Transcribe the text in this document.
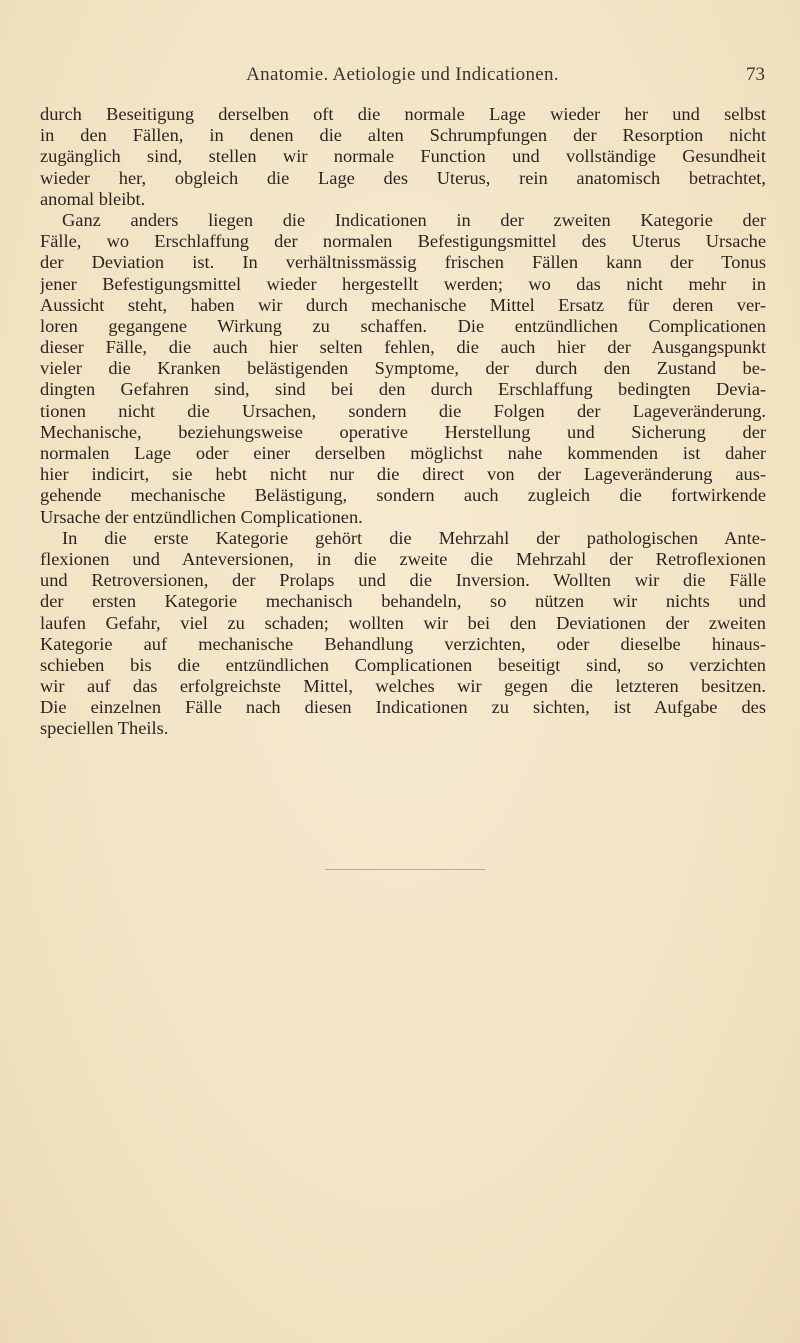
Anatomie. Aetiologie und Indicationen.	73
durch Beseitigung derselben oft die normale Lage wieder her und selbst
in den Fällen, in denen die alten Schrumpfungen der Resorption nicht
zugänglich sind, stellen wir normale Function und vollständige Gesundheit
wieder her, obgleich die Lage des Uterus, rein anatomisch betrachtet,
anomal bleibt.
Ganz anders liegen die Indicationen in der zweiten Kategorie der
Fälle, wo Erschlaffung der normalen Befestigungsmittel des Uterus Ursache
der Deviation ist. In verhältnissmässig frischen Fällen kann der Tonus
jener Befestigungsmittel wieder hergestellt werden; wo das nicht mehr in
Aussicht steht, haben wir durch mechanische Mittel Ersatz für deren ver-
loren gegangene Wirkung zu schaffen. Die entzündlichen Complicationen
dieser Fälle, die auch hier selten fehlen, die auch hier der Ausgangspunkt
vieler die Kranken belästigenden Symptome, der durch den Zustand be-
dingten Gefahren sind, sind bei den durch Erschlaffung bedingten Devia-
tionen nicht die Ursachen, sondern die Folgen der Lageveränderung.
Mechanische, beziehungsweise operative Herstellung und Sicherung der
normalen Lage oder einer derselben möglichst nahe kommenden ist daher
hier indicirt, sie hebt nicht nur die direct von der Lageveränderung aus-
gehende mechanische Belästigung, sondern auch zugleich die fortwirkende
Ursache der entzündlichen Complicationen.
In die erste Kategorie gehört die Mehrzahl der pathologischen Ante-
flexionen und Anteversionen, in die zweite die Mehrzahl der Retroflexionen
und Retroversionen, der Prolaps und die Inversion. Wollten wir die Fälle
der ersten Kategorie mechanisch behandeln, so nützen wir nichts und
laufen Gefahr, viel zu schaden; wollten wir bei den Deviationen der zweiten
Kategorie auf mechanische Behandlung verzichten, oder dieselbe hinaus-
schieben bis die entzündlichen Complicationen beseitigt sind, so verzichten
wir auf das erfolgreichste Mittel, welches wir gegen die letzteren besitzen.
Die einzelnen Fälle nach diesen Indicationen zu sichten, ist Aufgabe des
speciellen Theils.
